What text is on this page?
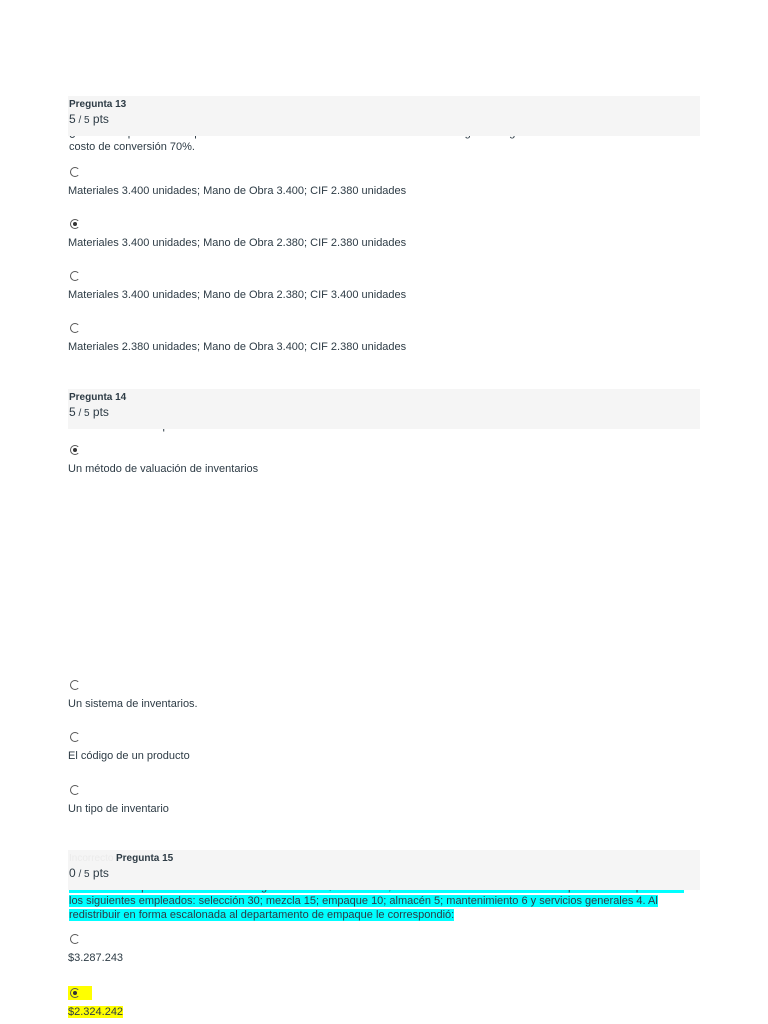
Pregunta 13
5 / 5 pts
costo de conversión 70%.
Materiales 3.400 unidades; Mano de Obra 3.400; CIF 2.380 unidades
Materiales 3.400 unidades; Mano de Obra 2.380; CIF 2.380 unidades
Materiales 3.400 unidades; Mano de Obra 2.380; CIF 3.400 unidades
Materiales 2.380 unidades; Mano de Obra 3.400; CIF 2.380 unidades
Pregunta 14
5 / 5 pts
Un método de valuación de inventarios
Un sistema de inventarios.
El código de un producto
Un tipo de inventario
Incorrecto Pregunta 15
0 / 5 pts
los siguientes empleados: selección 30; mezcla 15; empaque 10; almacén 5; mantenimiento 6 y servicios generales 4. Al redistribuir en forma escalonada al departamento de empaque le correspondió:
$3.287.243
$2.324.242
